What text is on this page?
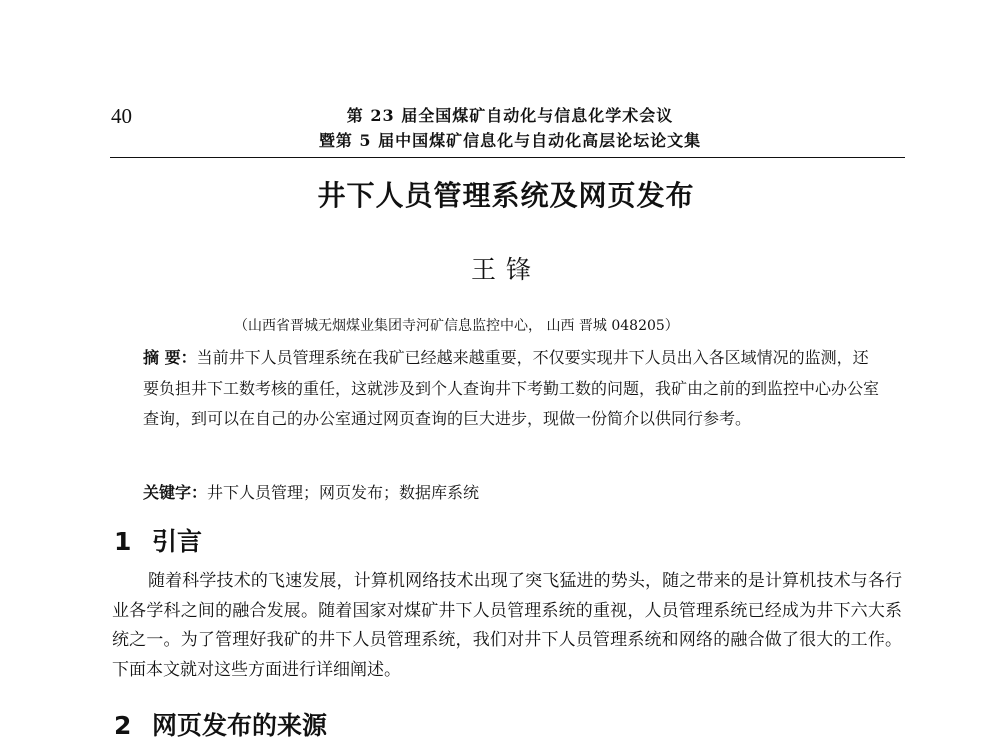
40	第 23 届全国煤矿自动化与信息化学术会议
暨第 5 届中国煤矿信息化与自动化高层论坛论文集
井下人员管理系统及网页发布
王锋
（山西省晋城无烟煤业集团寺河矿信息监控中心， 山西 晋城 048205）

摘 要：当前井下人员管理系统在我矿已经越来越重要，不仅要实现井下人员出入各区域情况的监测，还要负担井下工数考核的重任，这就涉及到个人查询井下考勤工数的问题，我矿由之前的到监控中心办公室查询，到可以在自己的办公室通过网页查询的巨大进步，现做一份简介以供同行参考。

关键字：井下人员管理；网页发布；数据库系统
1 引言

随着科学技术的飞速发展，计算机网络技术出现了突飞猛进的势头，随之带来的是计算机技术与各行业各学科之间的融合发展。随着国家对煤矿井下人员管理系统的重视，人员管理系统已经成为井下六大系统之一。为了管理好我矿的井下人员管理系统，我们对井下人员管理系统和网络的融合做了很大的工作。下面本文就对这些方面进行详细阐述。

2 网页发布的来源
